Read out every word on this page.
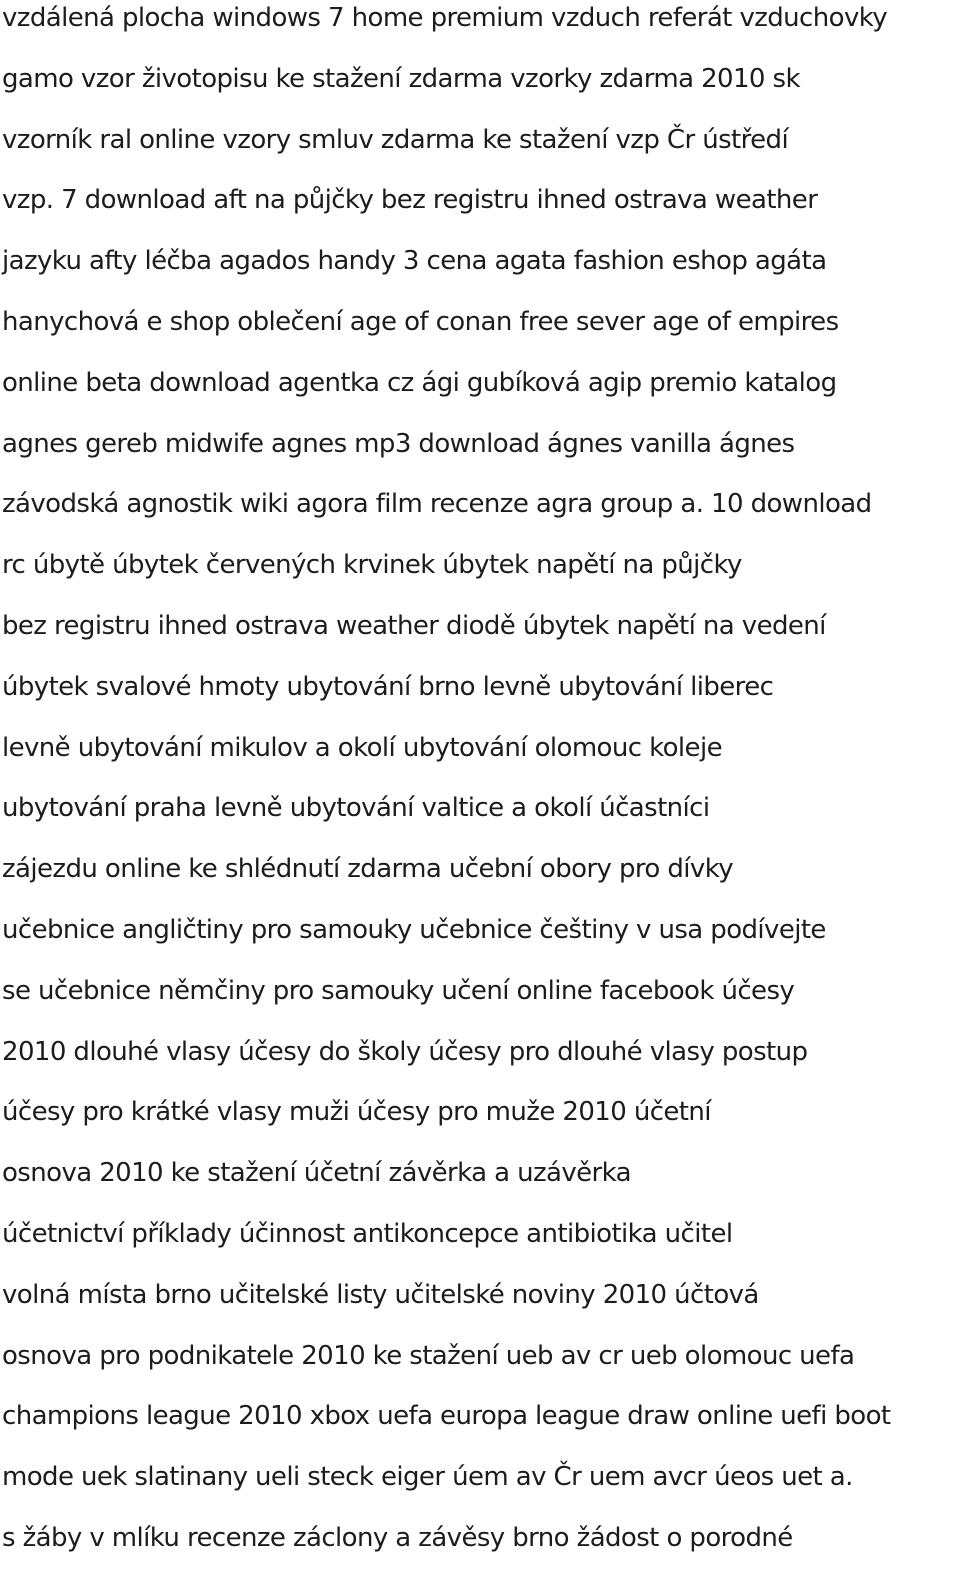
vzdálená plocha windows 7 home premium vzduch referát vzduchovky

gamo vzor životopisu ke stažení zdarma vzorky zdarma 2010 sk

vzorník ral online vzory smluv zdarma ke stažení vzp Čr ústředí

vzp. 7 download aft na půjčky bez registru ihned ostrava weather

jazyku afty léčba agados handy 3 cena agata fashion eshop agáta

hanychová e shop oblečení age of conan free sever age of empires

online beta download agentka cz ági gubíková agip premio katalog

agnes gereb midwife agnes mp3 download ágnes vanilla ágnes

závodská agnostik wiki agora film recenze agra group a. 10 download

rc úbytě úbytek červených krvinek úbytek napětí na půjčky

bez registru ihned ostrava weather diodě úbytek napětí na vedení

úbytek svalové hmoty ubytování brno levně ubytování liberec

levně ubytování mikulov a okolí ubytování olomouc koleje

ubytování praha levně ubytování valtice a okolí účastníci

zájezdu online ke shlédnutí zdarma učební obory pro dívky

učebnice angličtiny pro samouky učebnice češtiny v usa podívejte

se učebnice němčiny pro samouky učení online facebook účesy

2010 dlouhé vlasy účesy do školy účesy pro dlouhé vlasy postup

účesy pro krátké vlasy muži účesy pro muže 2010 účetní

osnova 2010 ke stažení účetní závěrka a uzávěrka

účetnictví příklady účinnost antikoncepce antibiotika učitel

volná místa brno učitelské listy učitelské noviny 2010 účtová

osnova pro podnikatele 2010 ke stažení ueb av cr ueb olomouc uefa

champions league 2010 xbox uefa europa league draw online uefi boot

mode uek slatinany ueli steck eiger úem av Čr uem avcr úeos uet a.

s žáby v mlíku recenze záclony a závěsy brno žádost o porodné
